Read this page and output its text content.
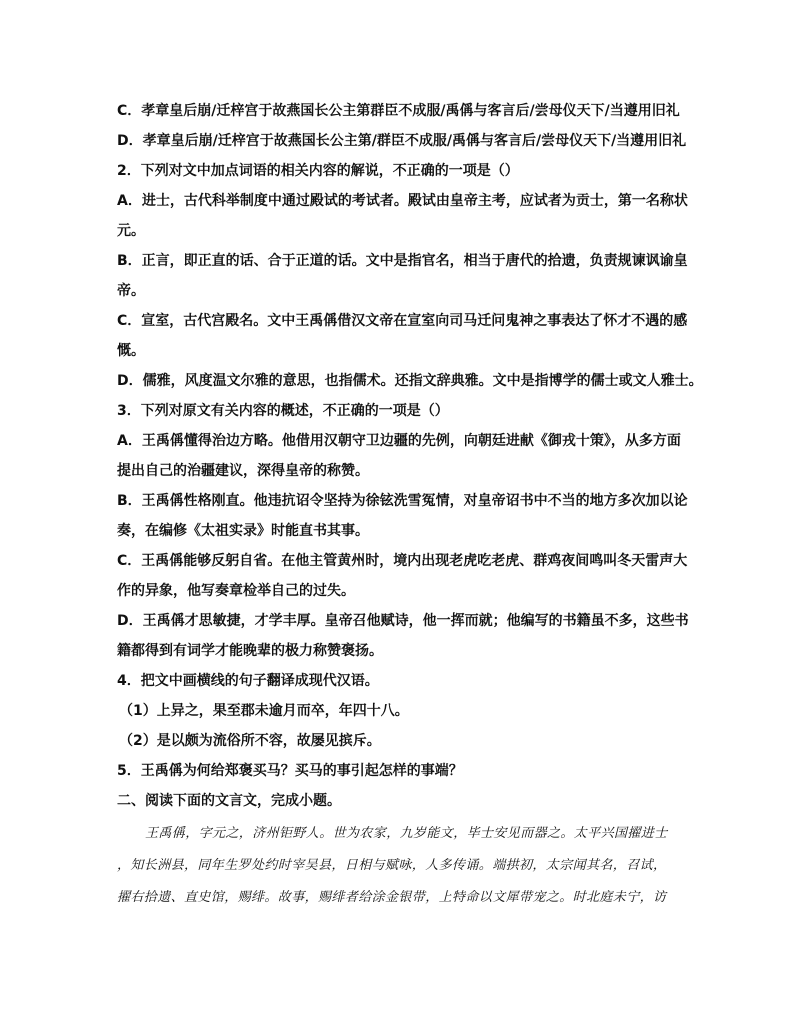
C．孝章皇后崩/迁梓宫于故燕国长公主第群臣不成服/禹偁与客言后/尝母仪天下/当遵用旧礼
D．孝章皇后崩/迁梓宫于故燕国长公主第/群臣不成服/禹偁与客言后/尝母仪天下/当遵用旧礼
2．下列对文中加点词语的相关内容的解说，不正确的一项是（）
A．进士，古代科举制度中通过殿试的考试者。殿试由皇帝主考，应试者为贡士，第一名称状
元。
B．正言，即正直的话、合于正道的话。文中是指官名，相当于唐代的拾遗，负责规谏讽谕皇
帝。
C．宣室，古代宫殿名。文中王禹偁借汉文帝在宣室向司马迁问鬼神之事表达了怀才不遇的感
慨。
D．儒雅，风度温文尔雅的意思，也指儒术。还指文辞典雅。文中是指博学的儒士或文人雅士。
3．下列对原文有关内容的概述，不正确的一项是（）
A．王禹偁懂得治边方略。他借用汉朝守卫边疆的先例，向朝廷进献《御戎十策》，从多方面
提出自己的治疆建议，深得皇帝的称赞。
B．王禹偁性格刚直。他违抗诏令坚持为徐铉洗雪冤情，对皇帝诏书中不当的地方多次加以论
奏，在编修《太祖实录》时能直书其事。
C．王禹偁能够反躬自省。在他主管黄州时，境内出现老虎吃老虎、群鸡夜间鸣叫冬天雷声大
作的异象，他写奏章检举自己的过失。
D．王禹偁才思敏捷，才学丰厚。皇帝召他赋诗，他一挥而就；他编写的书籍虽不多，这些书
籍都得到有词学才能晚辈的极力称赞褒扬。
4．把文中画横线的句子翻译成现代汉语。
（1）上异之，果至郡未逾月而卒，年四十八。
（2）是以颇为流俗所不容，故屡见摈斥。
5．王禹偁为何给郑褒买马？买马的事引起怎样的事端？
二、阅读下面的文言文，完成小题。
王禹偁，字元之，济州钜野人。世为农家，九岁能文，毕士安见而器之。太平兴国擢进士
，知长洲县，同年生罗处约时宰吴县，日相与赋咏，人多传诵。端拱初，太宗闻其名，召试，
擢右拾遗、直史馆，赐绯。故事，赐绯者给涂金银带，上特命以文犀带宠之。时北庭未宁，访
